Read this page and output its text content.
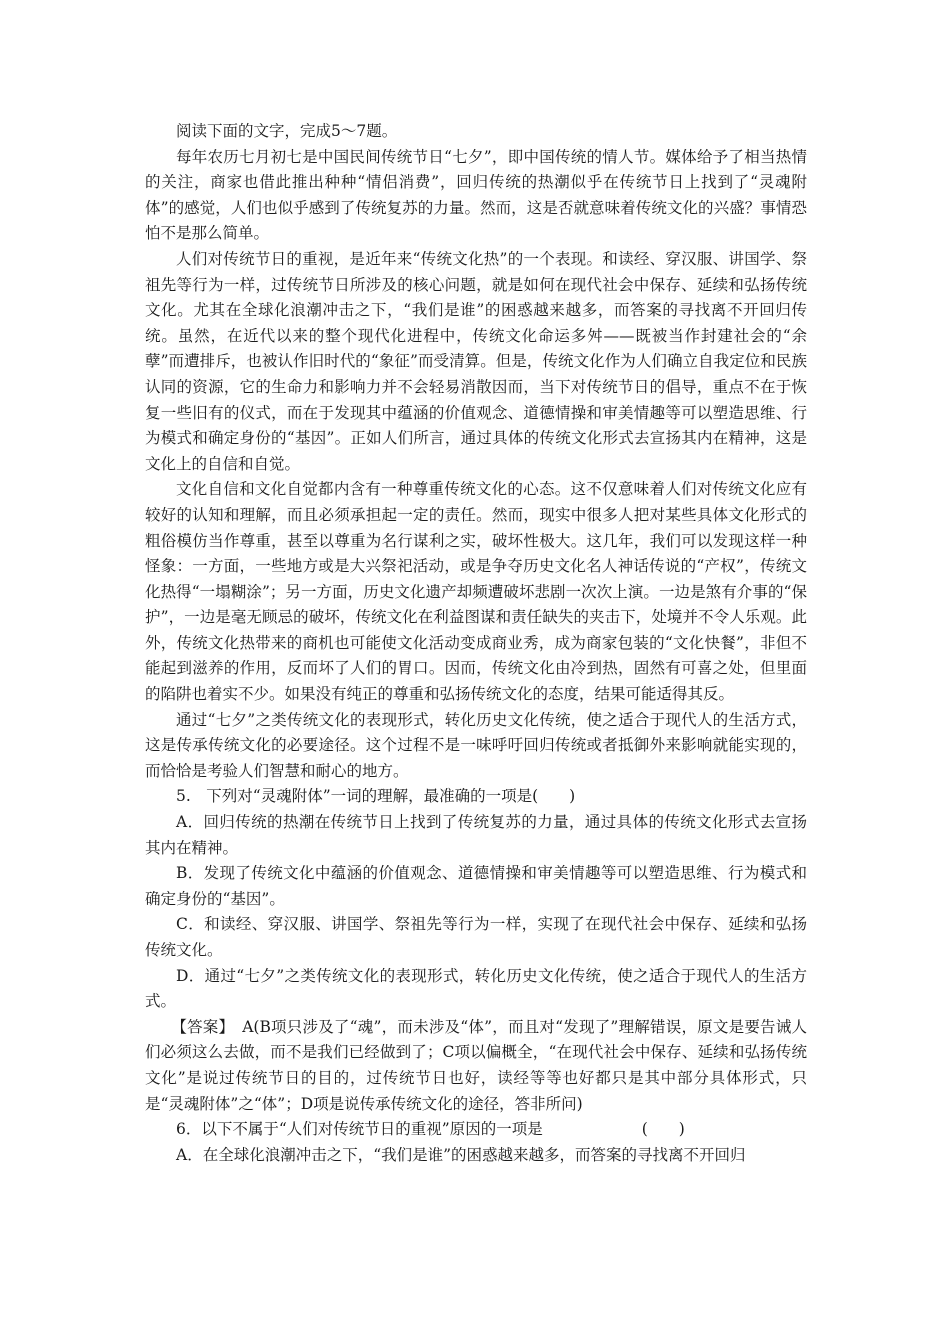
阅读下面的文字，完成5～7题。

每年农历七月初七是中国民间传统节日“七夕”，即中国传统的情人节。媒体给予了相当热情的关注，商家也借此推出种种“情侣消费”，回归传统的热潮似乎在传统节日上找到了“灵魂附体”的感觉，人们也似乎感到了传统复苏的力量。然而，这是否就意味着传统文化的兴盛？事情恐怕不是那么简单。

人们对传统节日的重视，是近年来“传统文化热”的一个表现。和读经、穿汉服、讲国学、祭祖先等行为一样，过传统节日所涉及的核心问题，就是如何在现代社会中保存、延续和弘扬传统文化。尤其在全球化浪潮冲击之下，“我们是谁”的困惑越来越多，而答案的寻找离不开回归传统。虽然，在近代以来的整个现代化进程中，传统文化命运多舛——既被当作封建社会的“余孽”而遭排斥，也被认作旧时代的“象征”而受清算。但是，传统文化作为人们确立自我定位和民族认同的资源，它的生命力和影响力并不会轻易消散因而，当下对传统节日的倡导，重点不在于恢复一些旧有的仪式，而在于发现其中蕴涵的价值观念、道德情操和审美情趣等可以塑造思维、行为模式和确定身份的“基因”。正如人们所言，通过具体的传统文化形式去宣扬其内在精神，这是文化上的自信和自觉。

文化自信和文化自觉都内含有一种尊重传统文化的心态。这不仅意味着人们对传统文化应有较好的认知和理解，而且必须承担起一定的责任。然而，现实中很多人把对某些具体文化形式的粗俗模仿当作尊重，甚至以尊重为名行谋利之实，破坏性极大。这几年，我们可以发现这样一种怪象：一方面，一些地方或是大兴祭祀活动，或是争夺历史文化名人神话传说的“产权”，传统文化热得“一塌糊涂”；另一方面，历史文化遗产却频遭破坏悲剧一次次上演。一边是煞有介事的“保护”，一边是毫无顾忌的破坏，传统文化在利益图谋和责任缺失的夹击下，处境并不令人乐观。此外，传统文化热带来的商机也可能使文化活动变成商业秀，成为商家包装的“文化快餐”，非但不能起到滋养的作用，反而坏了人们的胃口。因而，传统文化由冷到热，固然有可喜之处，但里面的陷阱也着实不少。如果没有纯正的尊重和弘扬传统文化的态度，结果可能适得其反。

通过“七夕”之类传统文化的表现形式，转化历史文化传统，使之适合于现代人的生活方式，这是传承传统文化的必要途径。这个过程不是一味呼吁回归传统或者抵御外来影响就能实现的，而恰恰是考验人们智慧和耐心的地方。

5.　下列对“灵魂附体”一词的理解，最准确的一项是(　　)

A．回归传统的热潮在传统节日上找到了传统复苏的力量，通过具体的传统文化形式去宣扬其内在精神。

B．发现了传统文化中蕴涵的价值观念、道德情操和审美情趣等可以塑造思维、行为模式和确定身份的“基因”。

C．和读经、穿汉服、讲国学、祭祖先等行为一样，实现了在现代社会中保存、延续和弘扬传统文化。

D．通过“七夕”之类传统文化的表现形式，转化历史文化传统，使之适合于现代人的生活方式。

【答案】　A(B项只涉及了“魂”，而未涉及“体”，而且对“发现了”理解错误，原文是要告诫人们必须这么去做，而不是我们已经做到了；C项以偏概全，“在现代社会中保存、延续和弘扬传统文化”是说过传统节日的目的，过传统节日也好，读经等等也好都只是其中部分具体形式，只是“灵魂附体”之“体”；D项是说传承传统文化的途径，答非所问)

6．以下不属于“人们对传统节日的重视”原因的一项是	(　　)

A．在全球化浪潮冲击之下，“我们是谁”的困惑越来越多，而答案的寻找离不开回归
